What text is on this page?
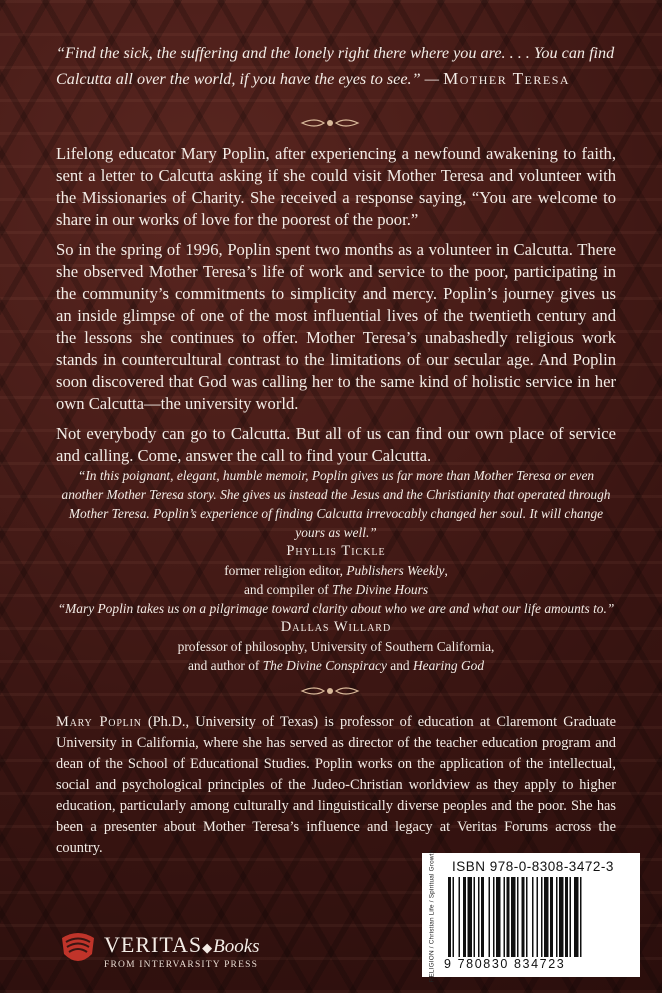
“Find the sick, the suffering and the lonely right there where you are. . . . You can find Calcutta all over the world, if you have the eyes to see.” — Mother Teresa

Lifelong educator Mary Poplin, after experiencing a newfound awakening to faith, sent a letter to Calcutta asking if she could visit Mother Teresa and volunteer with the Missionaries of Charity. She received a response saying, “You are welcome to share in our works of love for the poorest of the poor.”

So in the spring of 1996, Poplin spent two months as a volunteer in Calcutta. There she observed Mother Teresa’s life of work and service to the poor, participating in the community’s commitments to simplicity and mercy. Poplin’s journey gives us an inside glimpse of one of the most influential lives of the twentieth century and the lessons she continues to offer. Mother Teresa’s unabashedly religious work stands in countercultural contrast to the limitations of our secular age. And Poplin soon discovered that God was calling her to the same kind of holistic service in her own Calcutta—the university world.

Not everybody can go to Calcutta. But all of us can find our own place of service and calling. Come, answer the call to find your Calcutta.

“In this poignant, elegant, humble memoir, Poplin gives us far more than Mother Teresa or even another Mother Teresa story. She gives us instead the Jesus and the Christianity that operated through Mother Teresa. Poplin’s experience of finding Calcutta irrevocably changed her soul. It will change yours as well.”
Phyllis Tickle
former religion editor, Publishers Weekly,
and compiler of The Divine Hours
“Mary Poplin takes us on a pilgrimage toward clarity about who we are and what our life amounts to.”
Dallas Willard
professor of philosophy, University of Southern California,
and author of The Divine Conspiracy and Hearing God
Mary Poplin (Ph.D., University of Texas) is professor of education at Claremont Graduate University in California, where she has served as director of the teacher education program and dean of the School of Educational Studies. Poplin works on the application of the intellectual, social and psychological principles of the Judeo-Christian worldview as they apply to higher education, particularly among culturally and linguistically diverse peoples and the poor. She has been a presenter about Mother Teresa’s influence and legacy at Veritas Forums across the country.
VERITAS◆Books
FROM INTERVARSITY PRESS	RELIGION / Christian Life / Spiritual Growth ISBN 978-0-8308-3472-3
9 780830 834723
